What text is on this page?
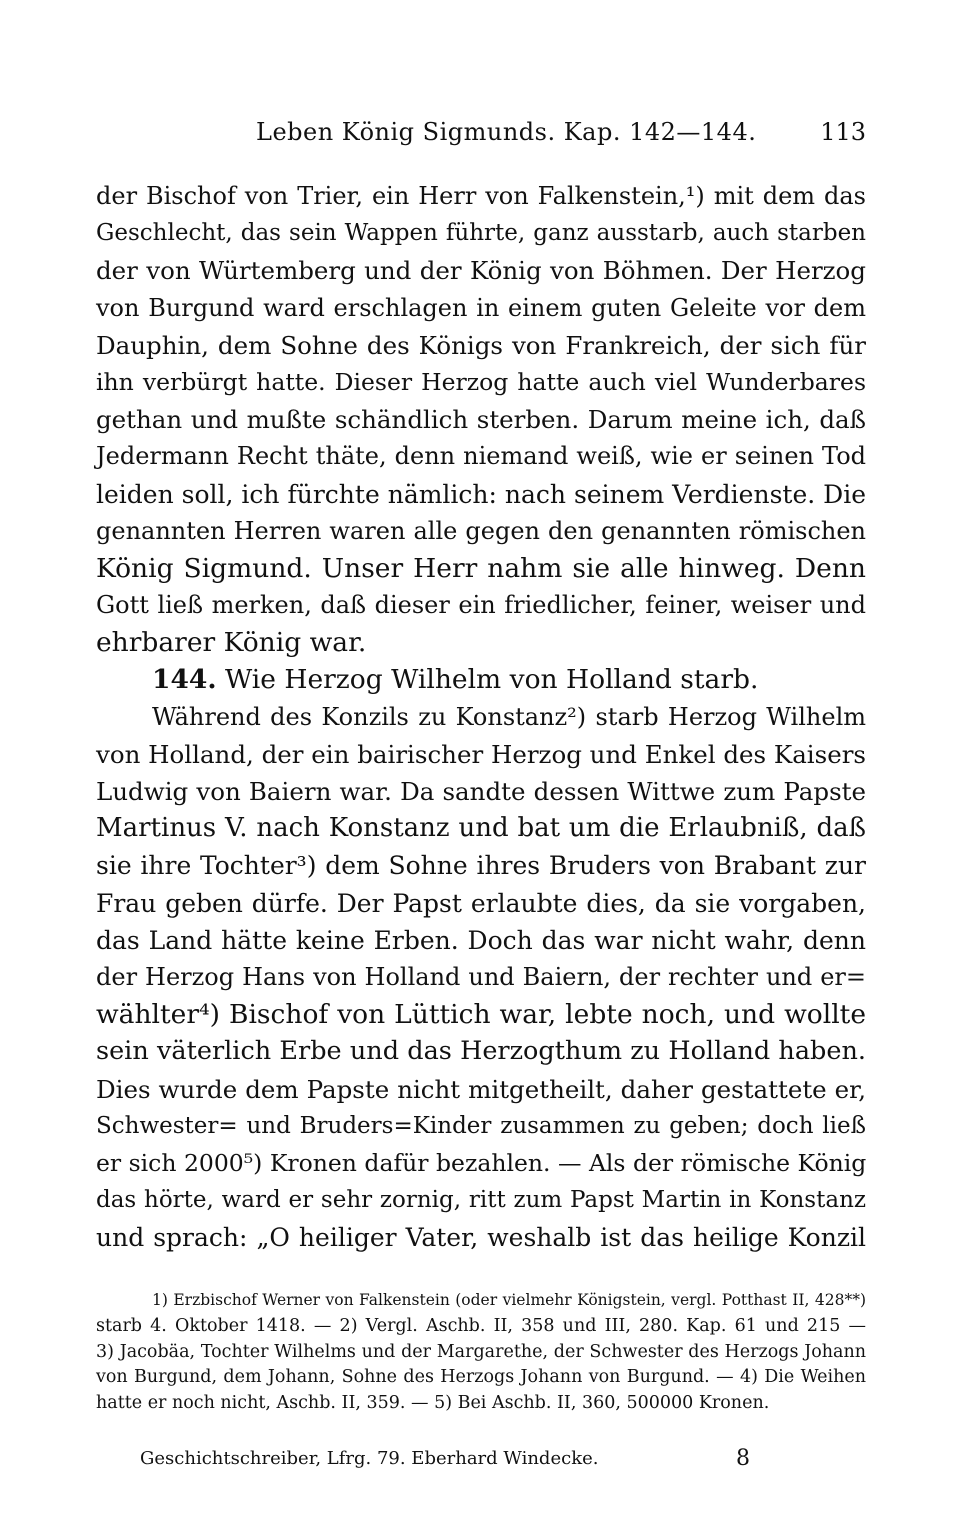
Leben König Sigmunds. Kap. 142—144.	113
der Bischof von Trier, ein Herr von Falkenstein,¹) mit dem das
Geschlecht, das sein Wappen führte, ganz ausstarb, auch starben
der von Würtemberg und der König von Böhmen. Der Herzog
von Burgund ward erschlagen in einem guten Geleite vor dem
Dauphin, dem Sohne des Königs von Frankreich, der sich für
ihn verbürgt hatte. Dieser Herzog hatte auch viel Wunderbares
gethan und mußte schändlich sterben. Darum meine ich, daß
Jedermann Recht thäte, denn niemand weiß, wie er seinen Tod
leiden soll, ich fürchte nämlich: nach seinem Verdienste. Die
genannten Herren waren alle gegen den genannten römischen
König Sigmund. Unser Herr nahm sie alle hinweg. Denn
Gott ließ merken, daß dieser ein friedlicher, feiner, weiser und
ehrbarer König war.
144. Wie Herzog Wilhelm von Holland starb.
Während des Konzils zu Konstanz²) starb Herzog Wilhelm
von Holland, der ein bairischer Herzog und Enkel des Kaisers
Ludwig von Baiern war. Da sandte dessen Wittwe zum Papste
Martinus V. nach Konstanz und bat um die Erlaubniß, daß
sie ihre Tochter³) dem Sohne ihres Bruders von Brabant zur
Frau geben dürfe. Der Papst erlaubte dies, da sie vorgaben,
das Land hätte keine Erben. Doch das war nicht wahr, denn
der Herzog Hans von Holland und Baiern, der rechter und er=
wählter⁴) Bischof von Lüttich war, lebte noch, und wollte
sein väterlich Erbe und das Herzogthum zu Holland haben.
Dies wurde dem Papste nicht mitgetheilt, daher gestattete er,
Schwester= und Bruders=Kinder zusammen zu geben; doch ließ
er sich 2000⁵) Kronen dafür bezahlen. — Als der römische König
das hörte, ward er sehr zornig, ritt zum Papst Martin in Konstanz
und sprach: „O heiliger Vater, weshalb ist das heilige Konzil
1) Erzbischof Werner von Falkenstein (oder vielmehr Königstein, vergl. Potthast II, 428**)
starb 4. Oktober 1418. — 2) Vergl. Aschb. II, 358 und III, 280. Kap. 61 und 215 —
3) Jacobäa, Tochter Wilhelms und der Margarethe, der Schwester des Herzogs Johann
von Burgund, dem Johann, Sohne des Herzogs Johann von Burgund. — 4) Die Weihen
hatte er noch nicht, Aschb. II, 359. — 5) Bei Aschb. II, 360, 500000 Kronen.
Geschichtschreiber, Lfrg. 79. Eberhard Windecke.	8
